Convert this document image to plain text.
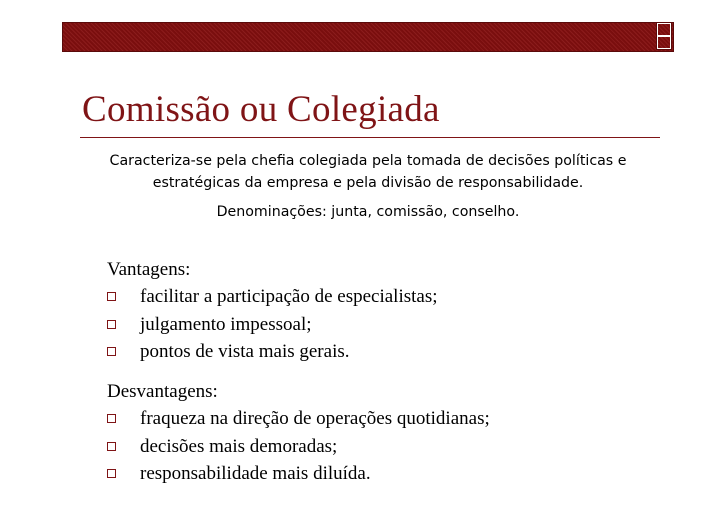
Comissão ou Colegiada
Caracteriza-se pela chefia colegiada pela tomada de decisões políticas e
estratégicas da empresa e pela divisão de responsabilidade.
Denominações: junta, comissão, conselho.
Vantagens:
facilitar a participação de especialistas;
julgamento impessoal;
pontos de vista mais gerais.
Desvantagens:
fraqueza na direção de operações quotidianas;
decisões mais demoradas;
responsabilidade mais diluída.
